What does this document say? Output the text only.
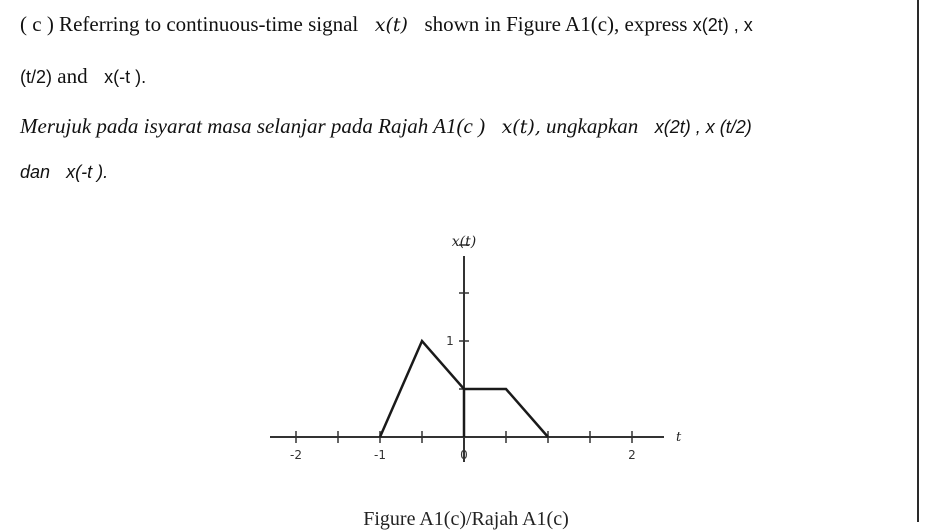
( c ) Referring to continuous-time signal x(t) shown in Figure A1(c), express x(2t) , x
(t/2) and x(-t ).
Merujuk pada isyarat masa selanjar pada Rajah A1(c ) x(t), ungkapkan x(2t) , x (t/2)
dan x(-t ).
-2	-1	0	2
1
x(t)
t
Figure A1(c)/Rajah A1(c)
